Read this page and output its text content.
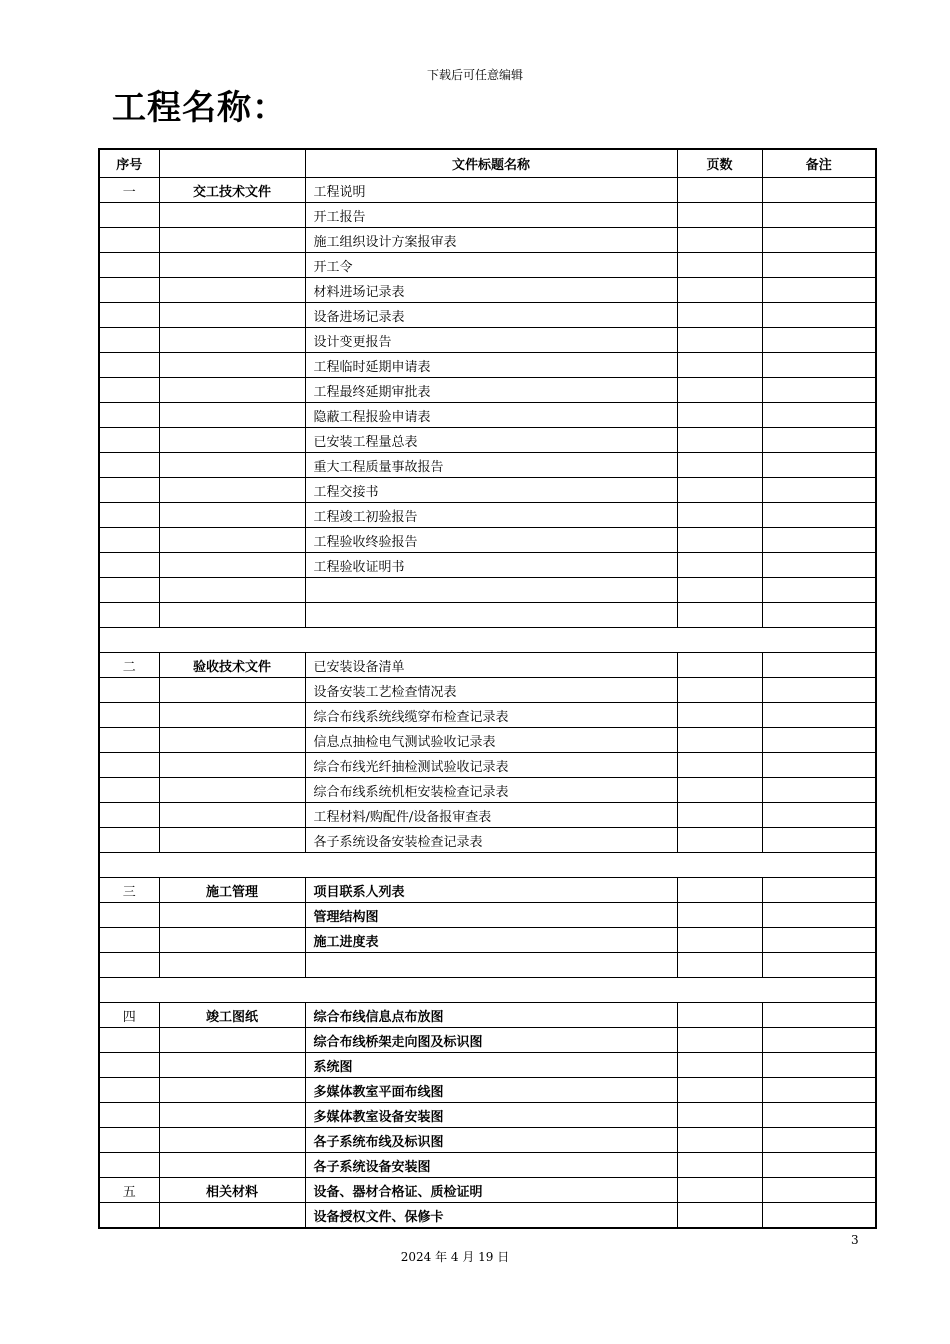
下载后可任意编辑
工程名称：
序号		文件标题名称	页数	备注
一	交工技术文件	工程说明		
		开工报告		
		施工组织设计方案报审表		
		开工令		
		材料进场记录表		
		设备进场记录表		
		设计变更报告		
		工程临时延期申请表		
		工程最终延期审批表		
		隐蔽工程报验申请表		
		已安装工程量总表		
		重大工程质量事故报告		
		工程交接书		
		工程竣工初验报告		
		工程验收终验报告		
		工程验收证明书		

二	验收技术文件	已安装设备清单		
		设备安装工艺检查情况表		
		综合布线系统线缆穿布检查记录表		
		信息点抽检电气测试验收记录表		
		综合布线光纤抽检测试验收记录表		
		综合布线系统机柜安装检查记录表		
		工程材料/购配件/设备报审查表		
		各子系统设备安装检查记录表		

三	施工管理	项目联系人列表		
		管理结构图		
		施工进度表		

四	竣工图纸	综合布线信息点布放图		
		综合布线桥架走向图及标识图		
		系统图		
		多媒体教室平面布线图		
		多媒体教室设备安装图		
		各子系统布线及标识图		
		各子系统设备安装图		
五	相关材料	设备、器材合格证、质检证明		
		设备授权文件、保修卡		
3
2024 年 4 月 19 日
